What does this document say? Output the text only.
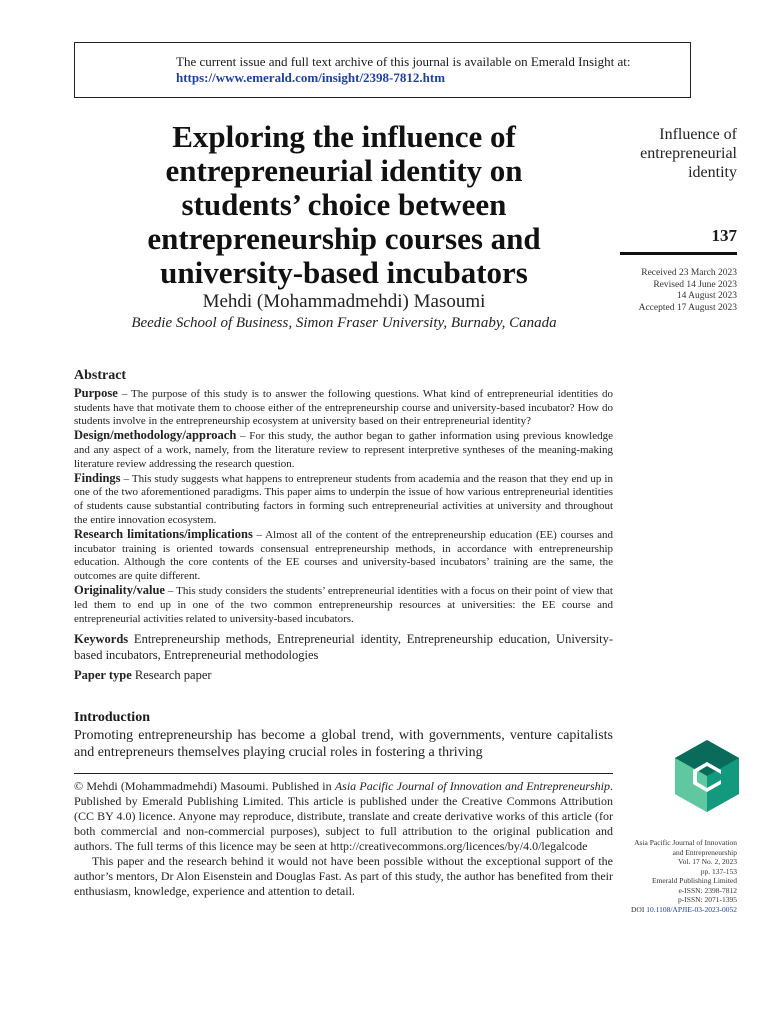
The current issue and full text archive of this journal is available on Emerald Insight at:
https://www.emerald.com/insight/2398-7812.htm
Exploring the influence of
entrepreneurial identity on
students’ choice between
entrepreneurship courses and
university-based incubators
Mehdi (Mohammadmehdi) Masoumi
Beedie School of Business, Simon Fraser University, Burnaby, Canada
Influence of
entrepreneurial
identity
137
Received 23 March 2023
Revised 14 June 2023
14 August 2023
Accepted 17 August 2023
Abstract

Purpose – The purpose of this study is to answer the following questions. What kind of entrepreneurial identities do students have that motivate them to choose either of the entrepreneurship course and university-based incubator? How do students involve in the entrepreneurship ecosystem at university based on their entrepreneurial identity?

Design/methodology/approach – For this study, the author began to gather information using previous knowledge and any aspect of a work, namely, from the literature review to represent interpretive syntheses of the meaning-making literature review addressing the research question.

Findings – This study suggests what happens to entrepreneur students from academia and the reason that they end up in one of the two aforementioned paradigms. This paper aims to underpin the issue of how various entrepreneurial identities of students cause substantial contributing factors in forming such entrepreneurial activities at university and throughout the entire innovation ecosystem.

Research limitations/implications – Almost all of the content of the entrepreneurship education (EE) courses and incubator training is oriented towards consensual entrepreneurship methods, in accordance with entrepreneurship education. Although the core contents of the EE courses and university-based incubators’ training are the same, the outcomes are quite different.

Originality/value – This study considers the students’ entrepreneurial identities with a focus on their point of view that led them to end up in one of the two common entrepreneurship resources at universities: the EE course and entrepreneurial activities related to university-based incubators.

Keywords Entrepreneurship methods, Entrepreneurial identity, Entrepreneurship education, University-based incubators, Entrepreneurial methodologies

Paper type Research paper

Introduction
Promoting entrepreneurship has become a global trend, with governments, venture capitalists and entrepreneurs themselves playing crucial roles in fostering a thriving

© Mehdi (Mohammadmehdi) Masoumi. Published in Asia Pacific Journal of Innovation and Entrepreneurship. Published by Emerald Publishing Limited. This article is published under the Creative Commons Attribution (CC BY 4.0) licence. Anyone may reproduce, distribute, translate and create derivative works of this article (for both commercial and non-commercial purposes), subject to full attribution to the original publication and authors. The full terms of this licence may be seen at http://creativecommons.org/licences/by/4.0/legalcode

This paper and the research behind it would not have been possible without the exceptional support of the author’s mentors, Dr Alon Eisenstein and Douglas Fast. As part of this study, the author has benefited from their enthusiasm, knowledge, experience and attention to detail.

Asia Pacific Journal of Innovation
and Entrepreneurship
Vol. 17 No. 2, 2023
pp. 137-153
Emerald Publishing Limited
e-ISSN: 2398-7812
p-ISSN: 2071-1395
DOI 10.1108/APJIE-03-2023-0052
